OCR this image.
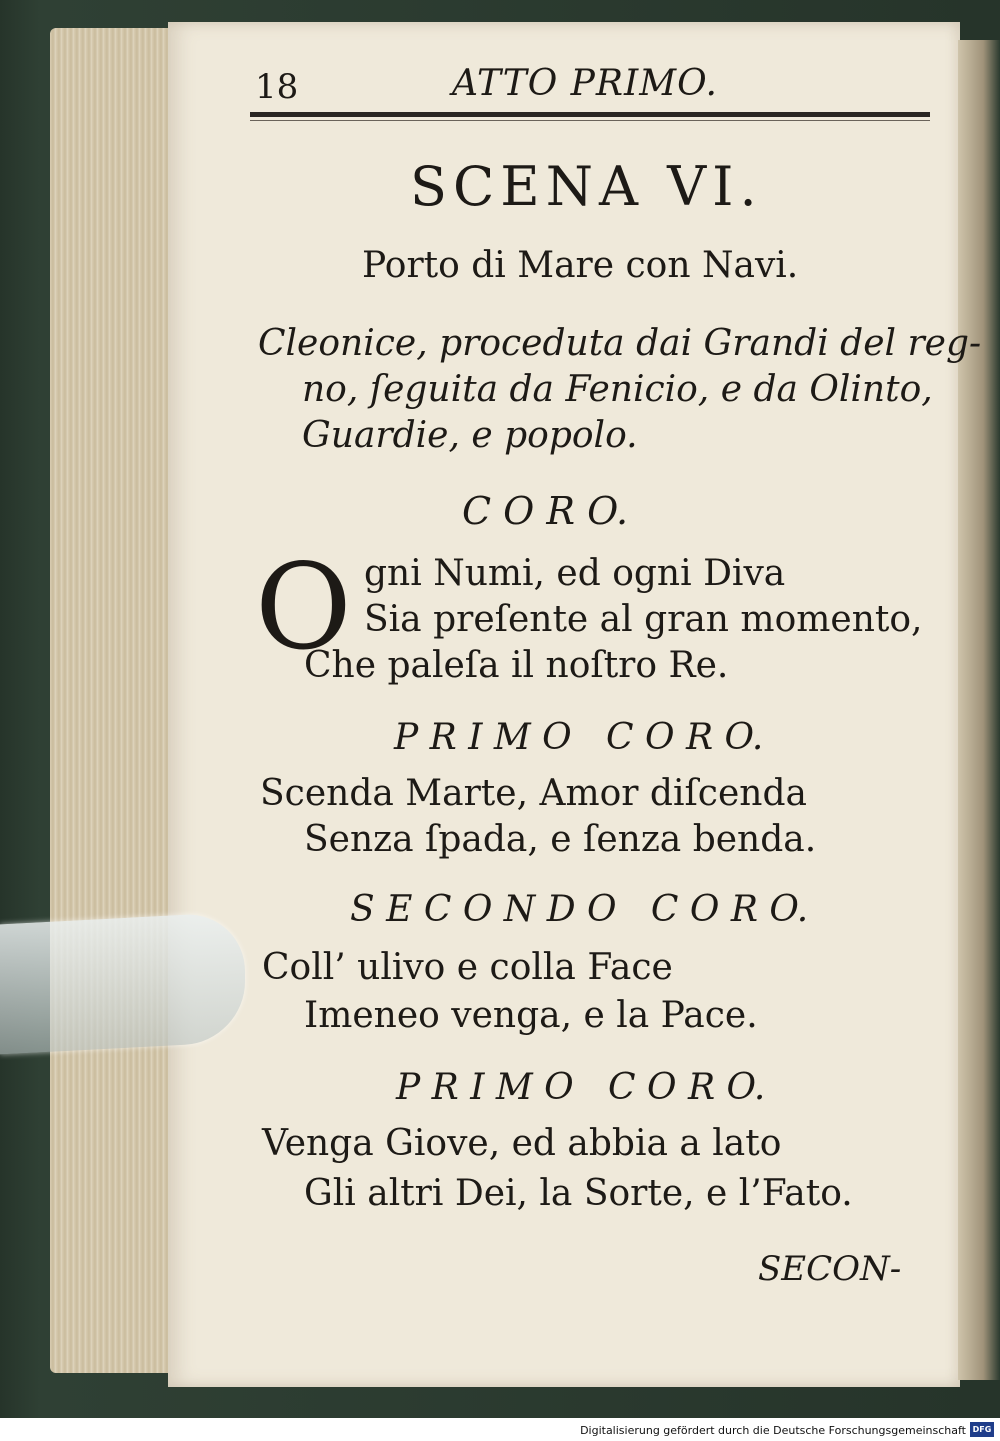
18	ATTO PRIMO.
SCENA VI.
Porto di Mare con Navi.
Cleonice, proceduta dai Grandi del reg-
no, ſeguita da Fenicio, e da Olinto,
Guardie, e popolo.
C O R O.
O gni Numi, ed ogni Diva
Sia preſente al gran momento,
Che paleſa il noſtro Re.
P R I M O   C O R O.
Scenda Marte, Amor diſcenda
Senza ſpada, e ſenza benda.
S E C O N D O   C O R O.
Coll’ ulivo e colla Face
Imeneo venga, e la Pace.
P R I M O   C O R O.
Venga Giove, ed abbia a lato
Gli altri Dei, la Sorte, e l’Fato.
SECON-
Digitalisierung gefördert durch die Deutsche Forschungsgemeinschaft DFG
